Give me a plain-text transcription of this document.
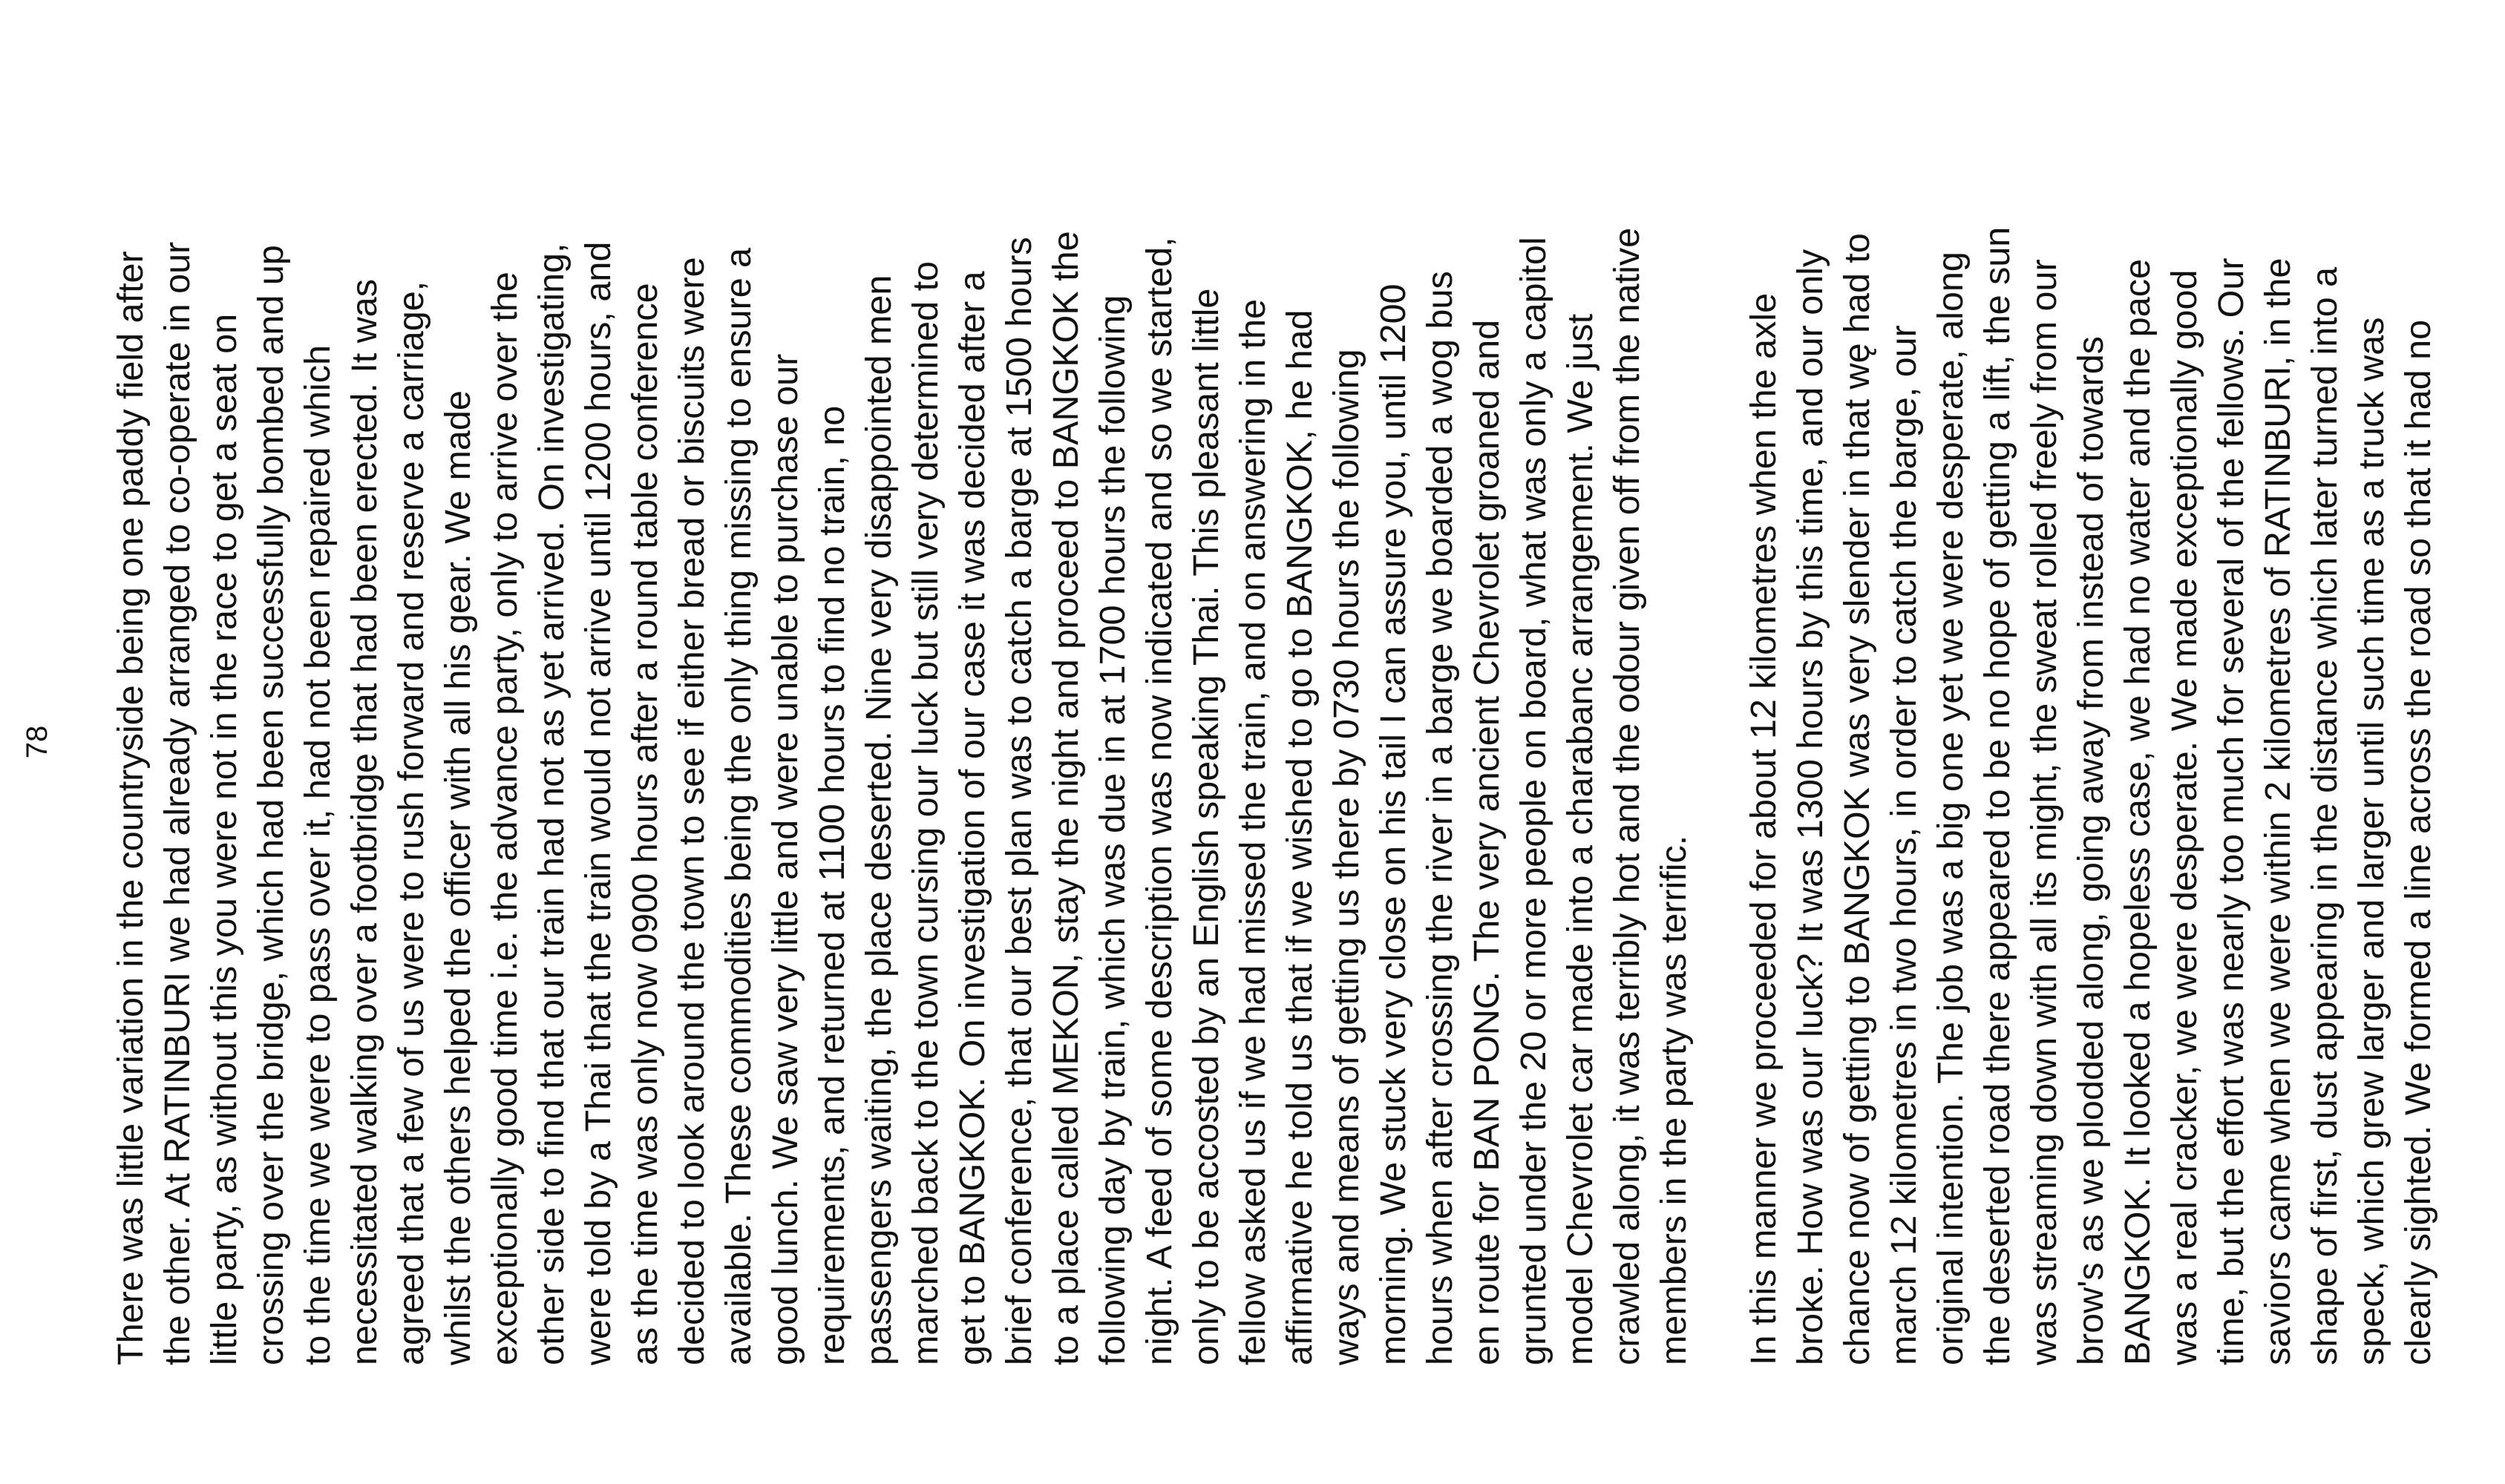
78 There was little variation in the countryside being one paddy field after the other. At RATINBURI we had already arranged to co-operate in our little party, as without this you were not in the race to get a seat on crossing over the bridge, which had been successfully bombed and up to the time we were to pass over it, had not been repaired which necessitated walking over a footbridge that had been erected. It was agreed that a few of us were to rush forward and reserve a carriage, whilst the others helped the officer with all his gear. We made exceptionally good time i.e. the advance party, only to arrive over the other side to find that our train had not as yet arrived. On investigating, were told by a Thai that the train would not arrive until 1200 hours, and as the time was only now 0900 hours after a round table conference decided to look around the town to see if either bread or biscuits were available. These commodities being the only thing missing to ensure a good lunch. We saw very little and were unable to purchase our requirements, and returned at 1100 hours to find no train, no passengers waiting, the place deserted. Nine very disappointed men marched back to the town cursing our luck but still very determined to get to BANGKOK. On investigation of our case it was decided after a brief conference, that our best plan was to catch a barge at 1500 hours to a place called MEKON, stay the night and proceed to BANGKOK the following day by train, which was due in at 1700 hours the following night. A feed of some description was now indicated and so we started, only to be accosted by an English speaking Thai. This pleasant little fellow asked us if we had missed the train, and on answering in the affirmative he told us that if we wished to go to BANGKOK, he had ways and means of getting us there by 0730 hours the following morning. We stuck very close on his tail I can assure you, until 1200 hours when after crossing the river in a barge we boarded a wog bus en route for BAN PONG. The very ancient Chevrolet groaned and grunted under the 20 or more people on board, what was only a capitol model Chevrolet car made into a charabanc arrangement. We just crawled along, it was terribly hot and the odour given off from the native members in the party was terrific. In this manner we proceeded for about 12 kilometres when the axle broke. How was our luck? It was 1300 hours by this time, and our only chance now of getting to BANGKOK was very slender in that wę had to march 12 kilometres in two hours, in order to catch the barge, our original intention. The job was a big one yet we were desperate, along the deserted road there appeared to be no hope of getting a lift, the sun was streaming down with all its might, the sweat rolled freely from our brow's as we plodded along, going away from instead of towards BANGKOK. It looked a hopeless case, we had no water and the pace was a real cracker, we were desperate. We made exceptionally good time, but the effort was nearly too much for several of the fellows. Our saviors came when we were within 2 kilometres of RATINBURI, in the shape of first, dust appearing in the distance which later turned into a speck, which grew larger and larger until such time as a truck was clearly sighted. We formed a line across the road so that it had no
